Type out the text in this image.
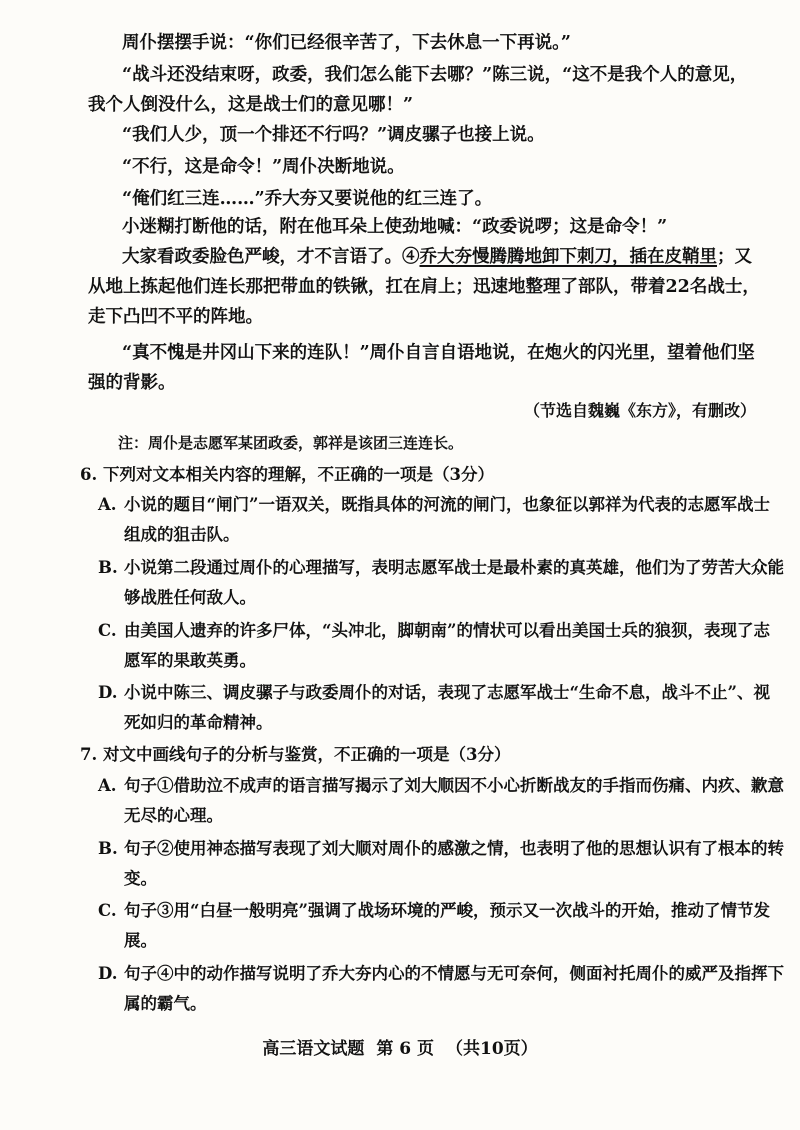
周仆摆摆手说：“你们已经很辛苦了，下去休息一下再说。”

“战斗还没结束呀，政委，我们怎么能下去哪？”陈三说，“这不是我个人的意见，我个人倒没什么，这是战士们的意见哪！”

“我们人少，顶一个排还不行吗？”调皮骡子也接上说。

“不行，这是命令！”周仆决断地说。

“俺们红三连……”乔大夯又要说他的红三连了。

小迷糊打断他的话，附在他耳朵上使劲地喊：“政委说啰；这是命令！”

大家看政委脸色严峻，才不言语了。④乔大夯慢腾腾地卸下刺刀，插在皮鞘里；又从地上拣起他们连长那把带血的铁锹，扛在肩上；迅速地整理了部队，带着22名战士，走下凸凹不平的阵地。

“真不愧是井冈山下来的连队！”周仆自言自语地说，在炮火的闪光里，望着他们坚强的背影。

（节选自魏巍《东方》，有删改）

注：周仆是志愿军某团政委，郭祥是该团三连连长。

6. 下列对文本相关内容的理解，不正确的一项是（3分）

A. 小说的题目“闸门”一语双关，既指具体的河流的闸门，也象征以郭祥为代表的志愿军战士组成的狙击队。

B. 小说第二段通过周仆的心理描写，表明志愿军战士是最朴素的真英雄，他们为了劳苦大众能够战胜任何敌人。

C. 由美国人遗弃的许多尸体，“头冲北，脚朝南”的情状可以看出美国士兵的狼狈，表现了志愿军的果敢英勇。

D. 小说中陈三、调皮骡子与政委周仆的对话，表现了志愿军战士“生命不息，战斗不止”、视死如归的革命精神。

7. 对文中画线句子的分析与鉴赏，不正确的一项是（3分）

A. 句子①借助泣不成声的语言描写揭示了刘大顺因不小心折断战友的手指而伤痛、内疚、歉意无尽的心理。

B. 句子②使用神态描写表现了刘大顺对周仆的感激之情，也表明了他的思想认识有了根本的转变。

C. 句子③用“白昼一般明亮”强调了战场环境的严峻，预示又一次战斗的开始，推动了情节发展。

D. 句子④中的动作描写说明了乔大夯内心的不情愿与无可奈何，侧面衬托周仆的威严及指挥下属的霸气。

高三语文试题 第 6 页 （共10页）
